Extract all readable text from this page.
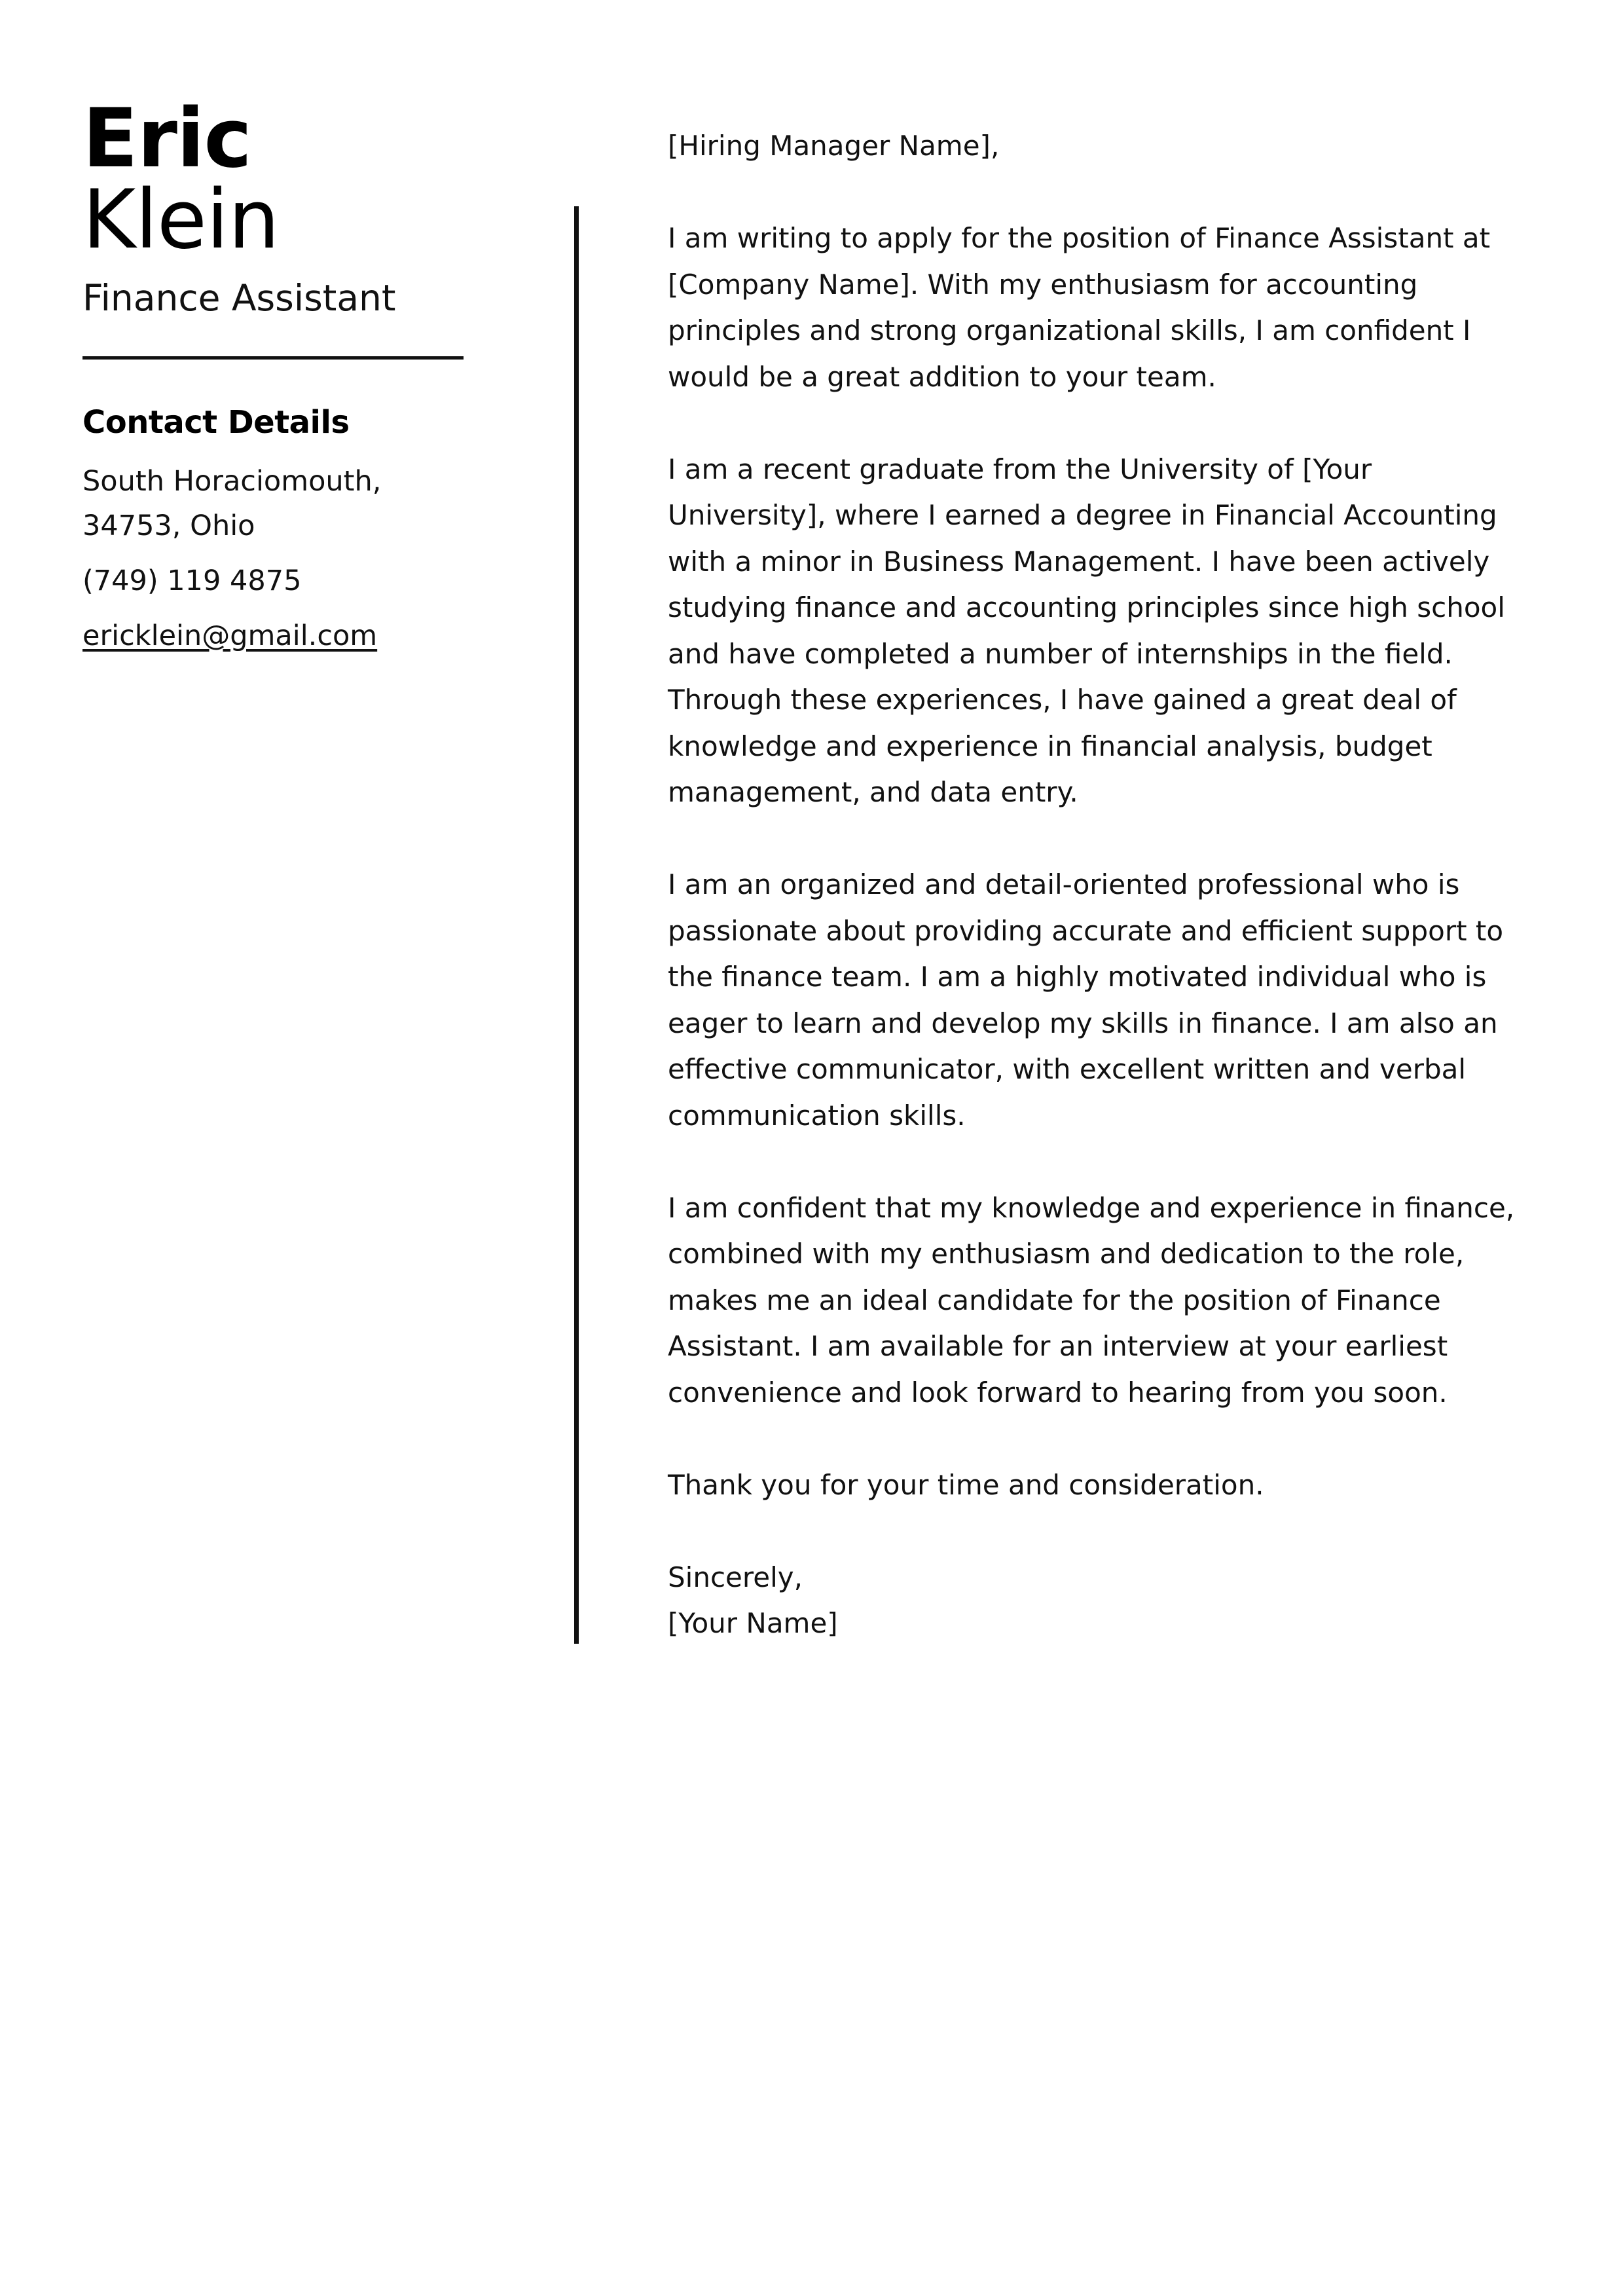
Eric
Klein
Finance Assistant
Contact Details
South Horaciomouth,
34753, Ohio
(749) 119 4875
ericklein@gmail.com

[Hiring Manager Name],

I am writing to apply for the position of Finance Assistant at [Company Name]. With my enthusiasm for accounting principles and strong organizational skills, I am confident I would be a great addition to your team.

I am a recent graduate from the University of [Your University], where I earned a degree in Financial Accounting with a minor in Business Management. I have been actively studying finance and accounting principles since high school and have completed a number of internships in the field. Through these experiences, I have gained a great deal of knowledge and experience in financial analysis, budget management, and data entry.

I am an organized and detail-oriented professional who is passionate about providing accurate and efficient support to the finance team. I am a highly motivated individual who is eager to learn and develop my skills in finance. I am also an effective communicator, with excellent written and verbal communication skills.

I am confident that my knowledge and experience in finance, combined with my enthusiasm and dedication to the role, makes me an ideal candidate for the position of Finance Assistant. I am available for an interview at your earliest convenience and look forward to hearing from you soon.

Thank you for your time and consideration.

Sincerely,

[Your Name]
